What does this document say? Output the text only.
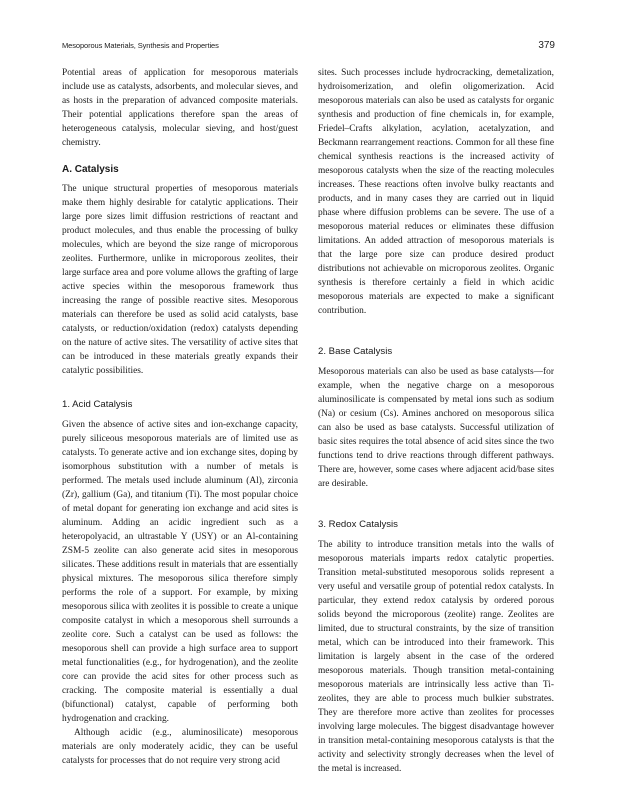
Mesoporous Materials, Synthesis and Properties	379

Potential areas of application for mesoporous materials include use as catalysts, adsorbents, and molecular sieves, and as hosts in the preparation of advanced composite materials. Their potential applications therefore span the areas of heterogeneous catalysis, molecular sieving, and host/guest chemistry.

A. Catalysis

The unique structural properties of mesoporous materials make them highly desirable for catalytic applications. Their large pore sizes limit diffusion restrictions of reactant and product molecules, and thus enable the processing of bulky molecules, which are beyond the size range of microporous zeolites. Furthermore, unlike in microporous zeolites, their large surface area and pore volume allows the grafting of large active species within the mesoporous framework thus increasing the range of possible reactive sites. Mesoporous materials can therefore be used as solid acid catalysts, base catalysts, or reduction/oxidation (redox) catalysts depending on the nature of active sites. The versatility of active sites that can be introduced in these materials greatly expands their catalytic possibilities.

1. Acid Catalysis

Given the absence of active sites and ion-exchange capacity, purely siliceous mesoporous materials are of limited use as catalysts. To generate active and ion exchange sites, doping by isomorphous substitution with a number of metals is performed. The metals used include aluminum (Al), zirconia (Zr), gallium (Ga), and titanium (Ti). The most popular choice of metal dopant for generating ion exchange and acid sites is aluminum. Adding an acidic ingredient such as a heteropolyacid, an ultrastable Y (USY) or an Al-containing ZSM-5 zeolite can also generate acid sites in mesoporous silicates. These additions result in materials that are essentially physical mixtures. The mesoporous silica therefore simply performs the role of a support. For example, by mixing mesoporous silica with zeolites it is possible to create a unique composite catalyst in which a mesoporous shell surrounds a zeolite core. Such a catalyst can be used as follows: the mesoporous shell can provide a high surface area to support metal functionalities (e.g., for hydrogenation), and the zeolite core can provide the acid sites for other process such as cracking. The composite material is essentially a dual (bifunctional) catalyst, capable of performing both hydrogenation and cracking.

Although acidic (e.g., aluminosilicate) mesoporous materials are only moderately acidic, they can be useful catalysts for processes that do not require very strong acid

sites. Such processes include hydrocracking, demetalization, hydroisomerization, and olefin oligomerization. Acid mesoporous materials can also be used as catalysts for organic synthesis and production of fine chemicals in, for example, Friedel–Crafts alkylation, acylation, acetalyzation, and Beckmann rearrangement reactions. Common for all these fine chemical synthesis reactions is the increased activity of mesoporous catalysts when the size of the reacting molecules increases. These reactions often involve bulky reactants and products, and in many cases they are carried out in liquid phase where diffusion problems can be severe. The use of a mesoporous material reduces or eliminates these diffusion limitations. An added attraction of mesoporous materials is that the large pore size can produce desired product distributions not achievable on microporous zeolites. Organic synthesis is therefore certainly a field in which acidic mesoporous materials are expected to make a significant contribution.

2. Base Catalysis

Mesoporous materials can also be used as base catalysts—for example, when the negative charge on a mesoporous aluminosilicate is compensated by metal ions such as sodium (Na) or cesium (Cs). Amines anchored on mesoporous silica can also be used as base catalysts. Successful utilization of basic sites requires the total absence of acid sites since the two functions tend to drive reactions through different pathways. There are, however, some cases where adjacent acid/base sites are desirable.

3. Redox Catalysis

The ability to introduce transition metals into the walls of mesoporous materials imparts redox catalytic properties. Transition metal-substituted mesoporous solids represent a very useful and versatile group of potential redox catalysts. In particular, they extend redox catalysis by ordered porous solids beyond the microporous (zeolite) range. Zeolites are limited, due to structural constraints, by the size of transition metal, which can be introduced into their framework. This limitation is largely absent in the case of the ordered mesoporous materials. Though transition metal-containing mesoporous materials are intrinsically less active than Ti-zeolites, they are able to process much bulkier substrates. They are therefore more active than zeolites for processes involving large molecules. The biggest disadvantage however in transition metal-containing mesoporous catalysts is that the activity and selectivity strongly decreases when the level of the metal is increased.
